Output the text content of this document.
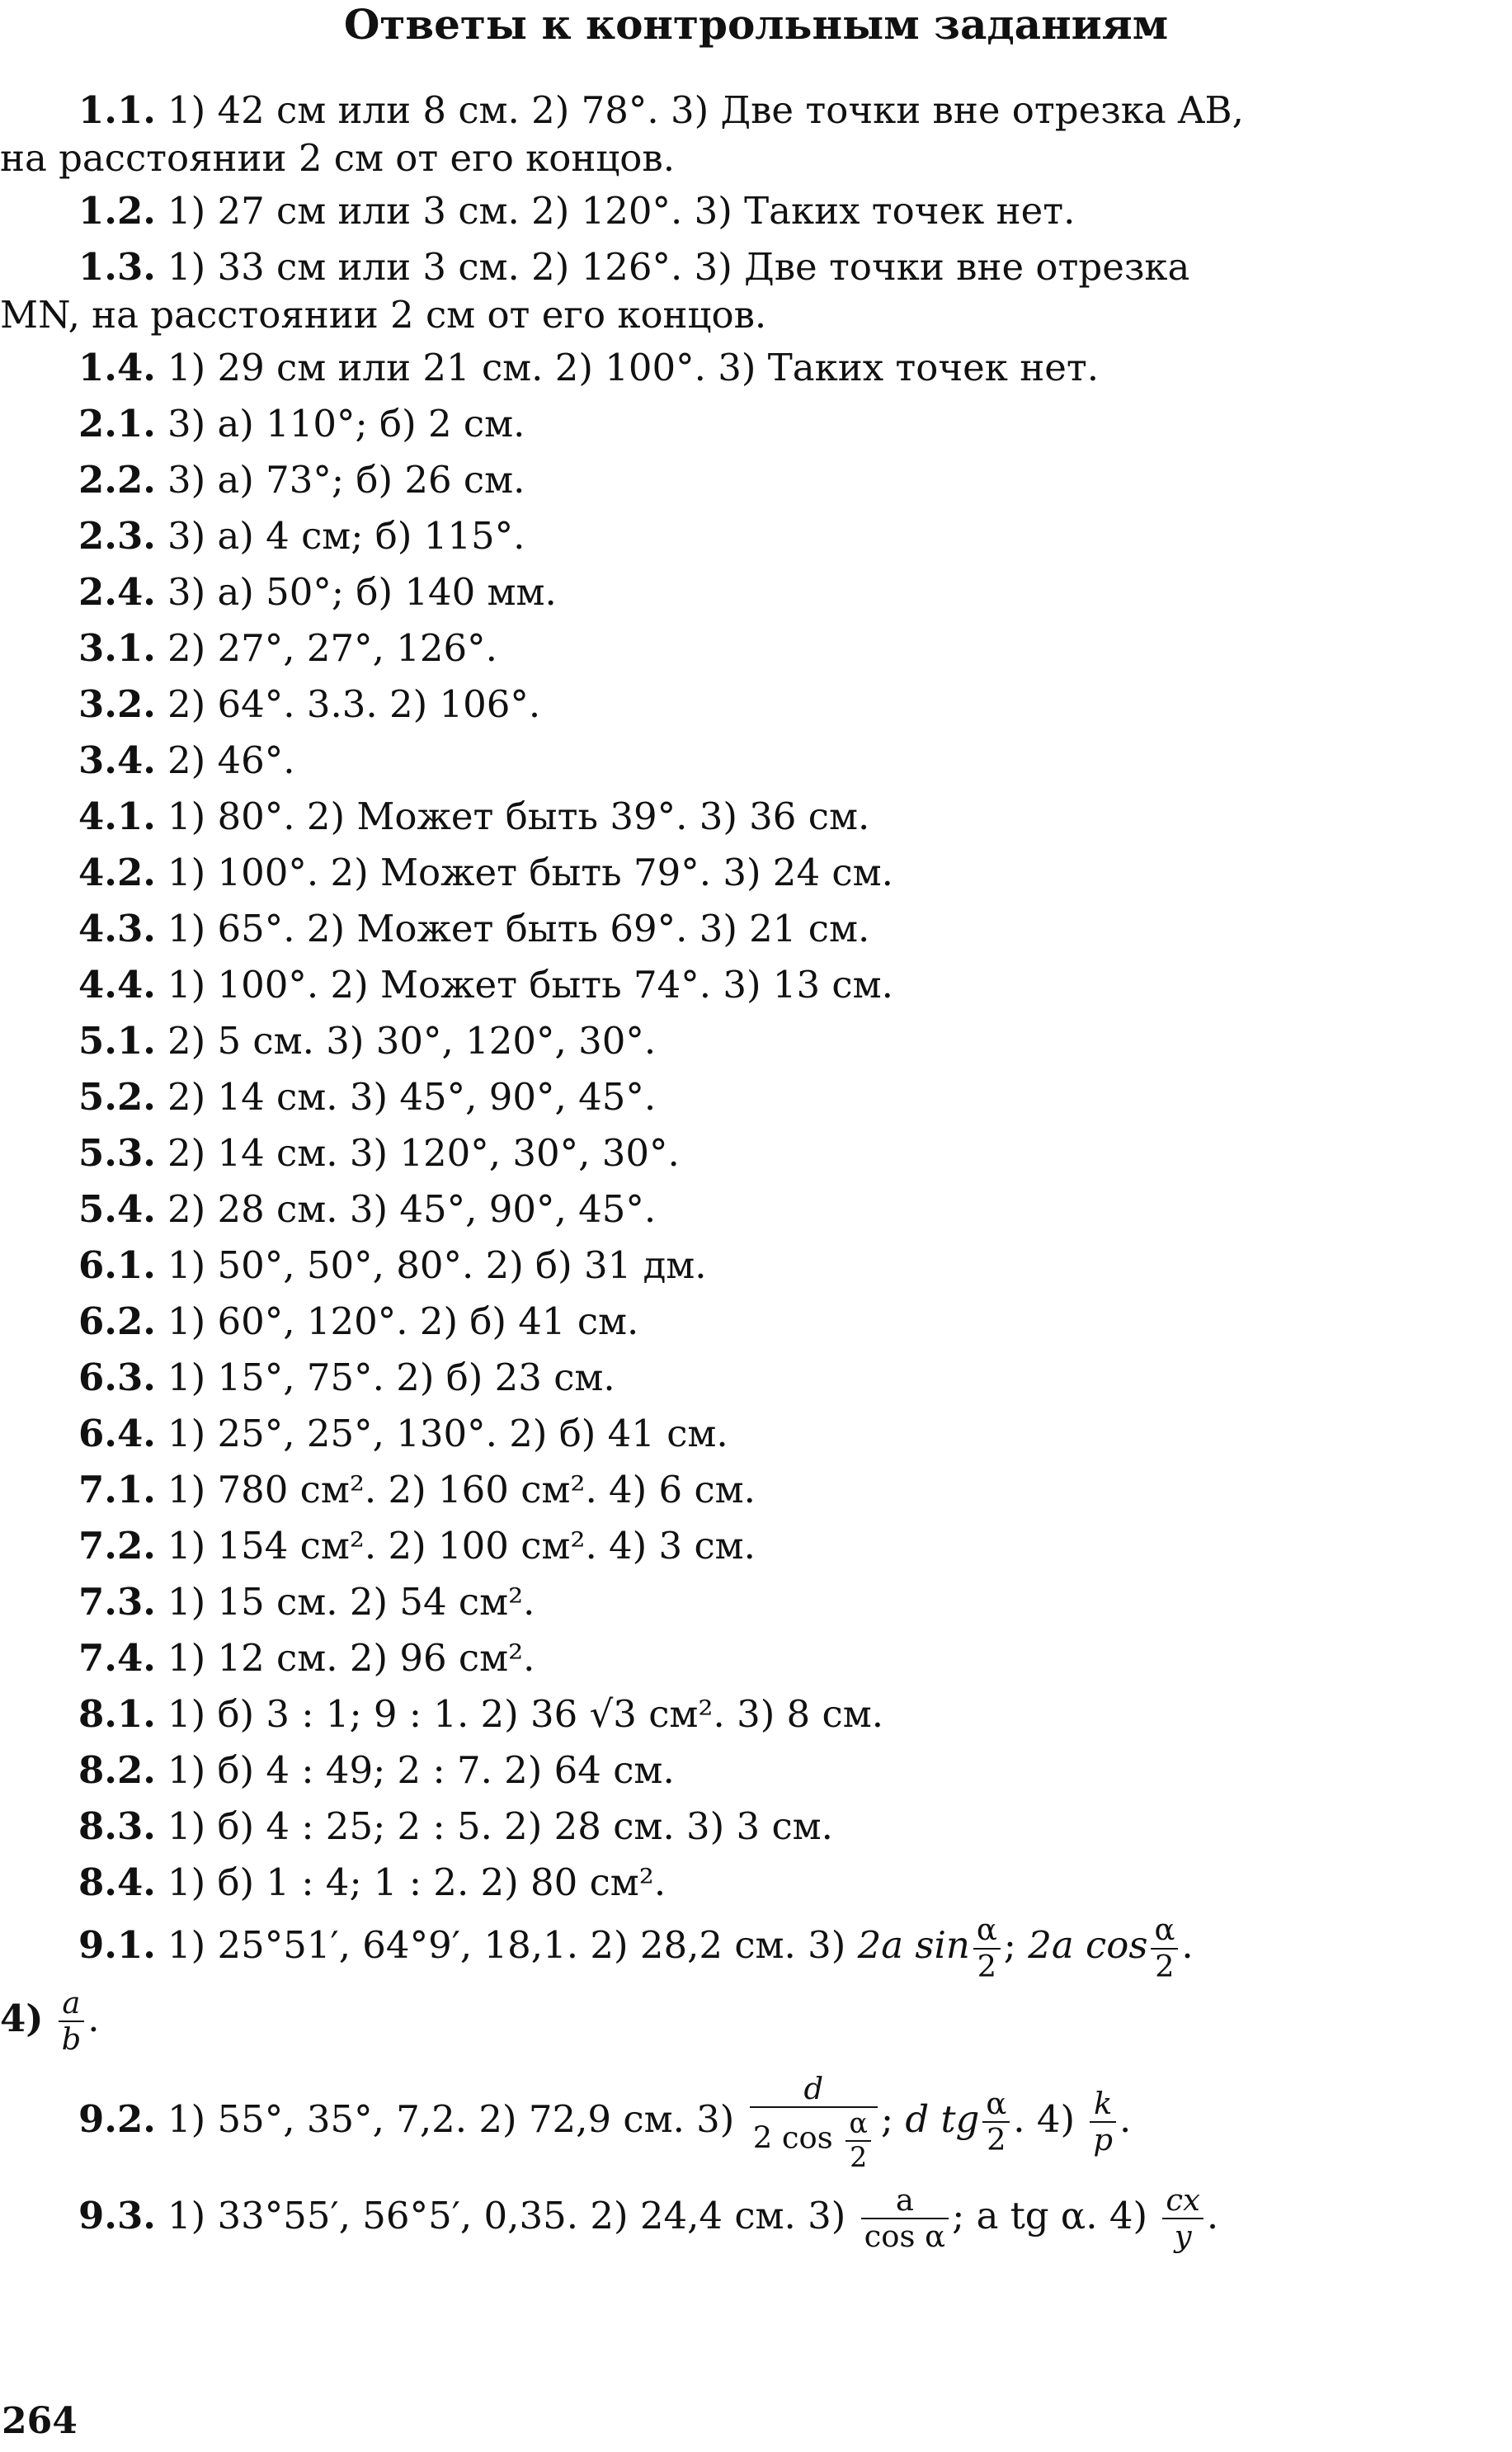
Ответы к контрольным заданиям
1.1. 1) 42 см или 8 см. 2) 78°. 3) Две точки вне отрезка AB,
на расстоянии 2 см от его концов.
1.2. 1) 27 см или 3 см. 2) 120°. 3) Таких точек нет.
1.3. 1) 33 см или 3 см. 2) 126°. 3) Две точки вне отрезка
MN, на расстоянии 2 см от его концов.
1.4. 1) 29 см или 21 см. 2) 100°. 3) Таких точек нет.
2.1. 3) а) 110°; б) 2 см.
2.2. 3) а) 73°; б) 26 см.
2.3. 3) а) 4 см; б) 115°.
2.4. 3) а) 50°; б) 140 мм.
3.1. 2) 27°, 27°, 126°.
3.2. 2) 64°. 3.3. 2) 106°.
3.4. 2) 46°.
4.1. 1) 80°. 2) Может быть 39°. 3) 36 см.
4.2. 1) 100°. 2) Может быть 79°. 3) 24 см.
4.3. 1) 65°. 2) Может быть 69°. 3) 21 см.
4.4. 1) 100°. 2) Может быть 74°. 3) 13 см.
5.1. 2) 5 см. 3) 30°, 120°, 30°.
5.2. 2) 14 см. 3) 45°, 90°, 45°.
5.3. 2) 14 см. 3) 120°, 30°, 30°.
5.4. 2) 28 см. 3) 45°, 90°, 45°.
6.1. 1) 50°, 50°, 80°. 2) б) 31 дм.
6.2. 1) 60°, 120°. 2) б) 41 см.
6.3. 1) 15°, 75°. 2) б) 23 см.
6.4. 1) 25°, 25°, 130°. 2) б) 41 см.
7.1. 1) 780 см². 2) 160 см². 4) 6 см.
7.2. 1) 154 см². 2) 100 см². 4) 3 см.
7.3. 1) 15 см. 2) 54 см².
7.4. 1) 12 см. 2) 96 см².
8.1. 1) б) 3 : 1; 9 : 1. 2) 36 √3 см². 3) 8 см.
8.2. 1) б) 4 : 49; 2 : 7. 2) 64 см.
8.3. 1) б) 4 : 25; 2 : 5. 2) 28 см. 3) 3 см.
8.4. 1) б) 1 : 4; 1 : 2. 2) 80 см².
9.1. 1) 25°51′, 64°9′, 18,1. 2) 28,2 см. 3) 2a $\sin \frac{\alpha}{2}$ ; 2a $\cos \frac{\alpha}{2}$ .
$4) \frac{a}{b}$ .
9.2. 1) 55°, 35°, 7,2. 2) 72,9 см. $3) \frac{d}{2 \cos \frac{\alpha}{2}}$ ; d tg $\frac{\alpha}{2}$ . $4) \frac{k}{p}$ .
9.3. 1) 33°55′, 56°5′, 0,35. 2) 24,4 см. $3) \frac{a}{\text{cos α}}$ ; a tg α. $4) \frac{cx}{y}$ .
264
